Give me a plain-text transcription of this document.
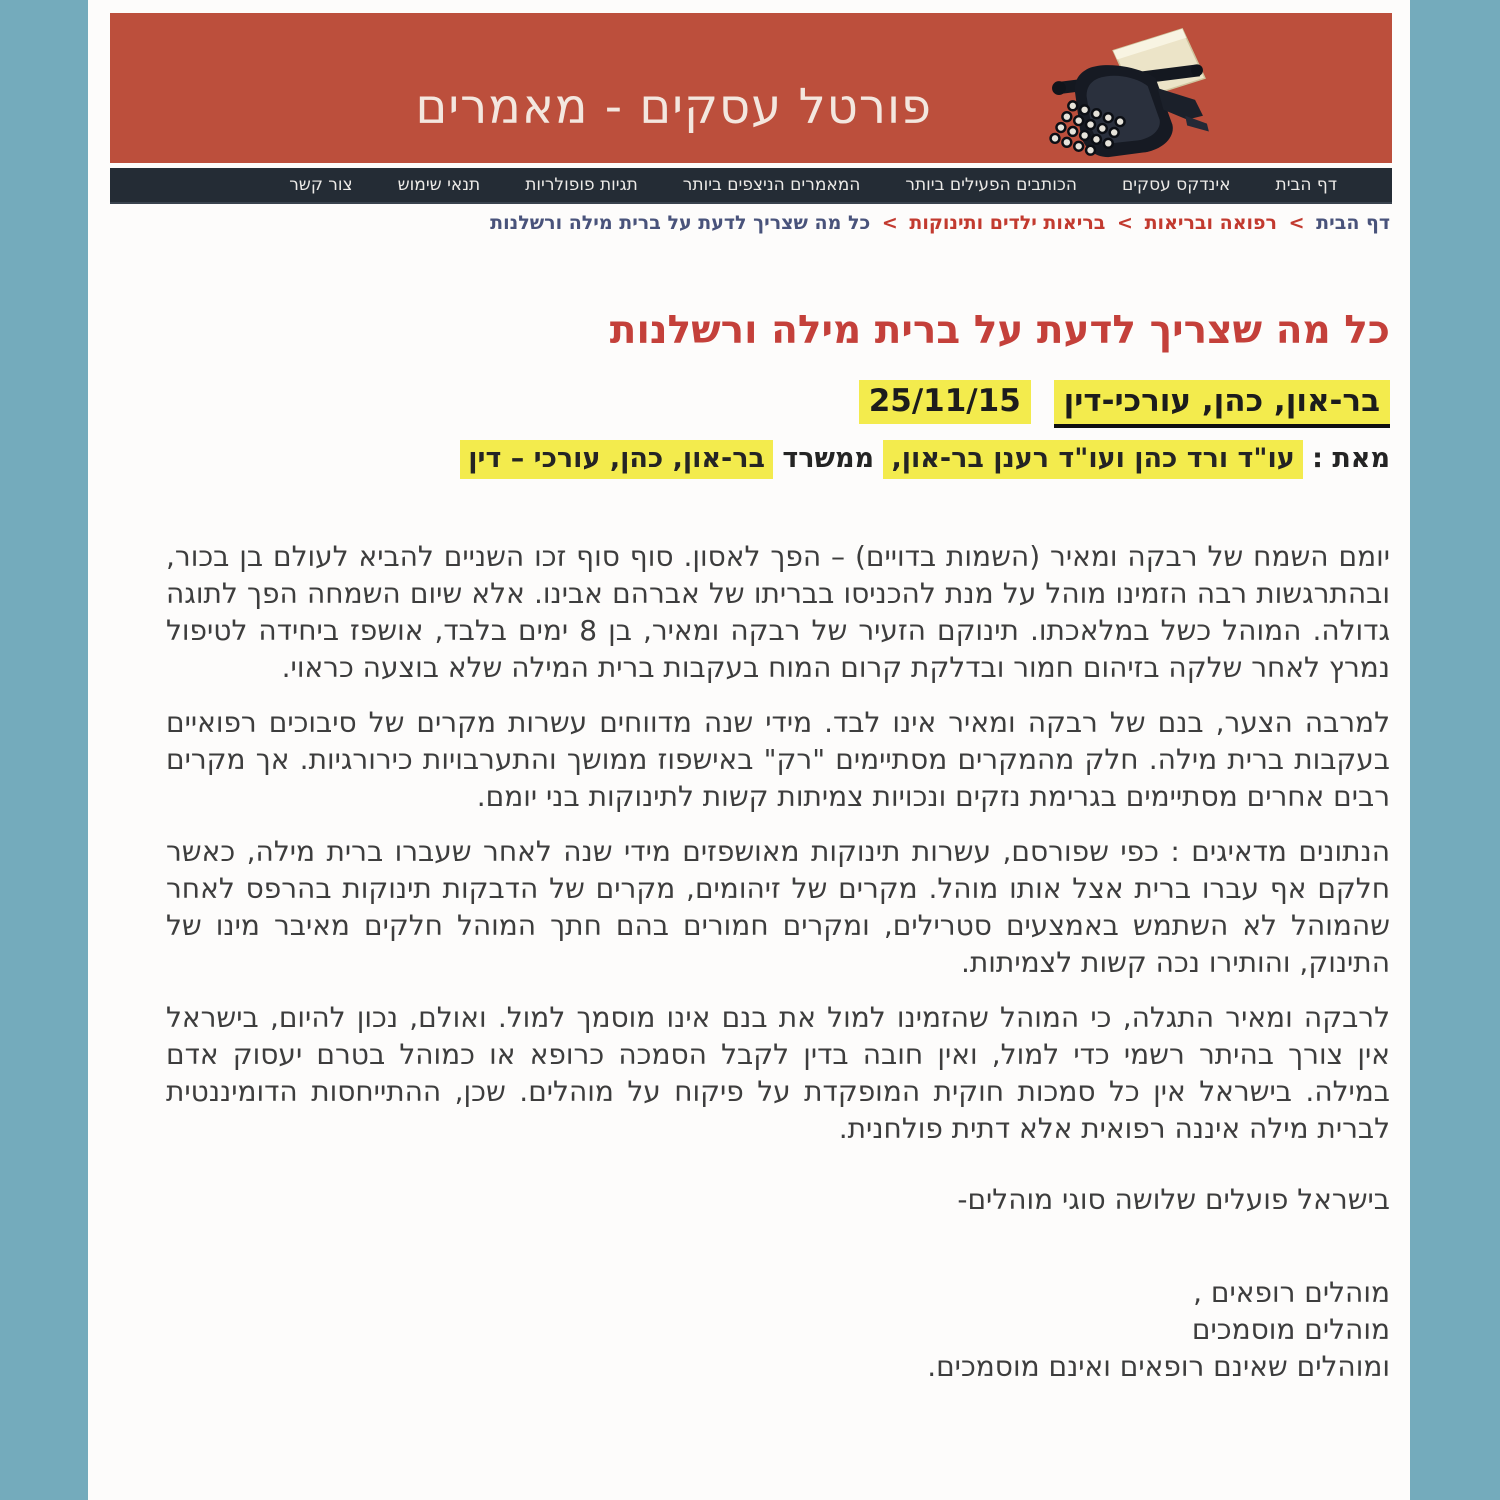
פורטל עסקים - מאמרים
דף הבית
אינדקס עסקים
הכותבים הפעילים ביותר
המאמרים הניצפים ביותר
תגיות פופולריות
תנאי שימוש
צור קשר
דף הבית > רפואה ובריאות > בריאות ילדים ותינוקות > כל מה שצריך לדעת על ברית מילה ורשלנות
כל מה שצריך לדעת על ברית מילה ורשלנות
בר-און, כהן, עורכי-דין 25/11/15
מאת : עו"ד ורד כהן ועו"ד רענן בר-און, ממשרד בר-און, כהן, עורכי – דין

יומם השמח של רבקה ומאיר (השמות בדויים) – הפך לאסון. סוף סוף זכו השניים להביא לעולם בן בכור, ובהתרגשות רבה הזמינו מוהל על מנת להכניסו בבריתו של אברהם אבינו. אלא שיום השמחה הפך לתוגה גדולה. המוהל כשל במלאכתו. תינוקם הזעיר של רבקה ומאיר, בן 8 ימים בלבד, אושפז ביחידה לטיפול נמרץ לאחר שלקה בזיהום חמור ובדלקת קרום המוח בעקבות ברית המילה שלא בוצעה כראוי.

למרבה הצער, בנם של רבקה ומאיר אינו לבד. מידי שנה מדווחים עשרות מקרים של סיבוכים רפואיים בעקבות ברית מילה. חלק מהמקרים מסתיימים "רק" באישפוז ממושך והתערבויות כירורגיות. אך מקרים רבים אחרים מסתיימים בגרימת נזקים ונכויות צמיתות קשות לתינוקות בני יומם.

הנתונים מדאיגים : כפי שפורסם, עשרות תינוקות מאושפזים מידי שנה לאחר שעברו ברית מילה, כאשר חלקם אף עברו ברית אצל אותו מוהל. מקרים של זיהומים, מקרים של הדבקות תינוקות בהרפס לאחר שהמוהל לא השתמש באמצעים סטרילים, ומקרים חמורים בהם חתך המוהל חלקים מאיבר מינו של התינוק, והותירו נכה קשות לצמיתות.

לרבקה ומאיר התגלה, כי המוהל שהזמינו למול את בנם אינו מוסמך למול. ואולם, נכון להיום, בישראל אין צורך בהיתר רשמי כדי למול, ואין חובה בדין לקבל הסמכה כרופא או כמוהל בטרם יעסוק אדם במילה. בישראל אין כל סמכות חוקית המופקדת על פיקוח על מוהלים. שכן, ההתייחסות הדומיננטית לברית מילה איננה רפואית אלא דתית פולחנית.

בישראל פועלים שלושה סוגי מוהלים-

מוהלים רופאים ,
מוהלים מוסמכים
ומוהלים שאינם רופאים ואינם מוסמכים.
